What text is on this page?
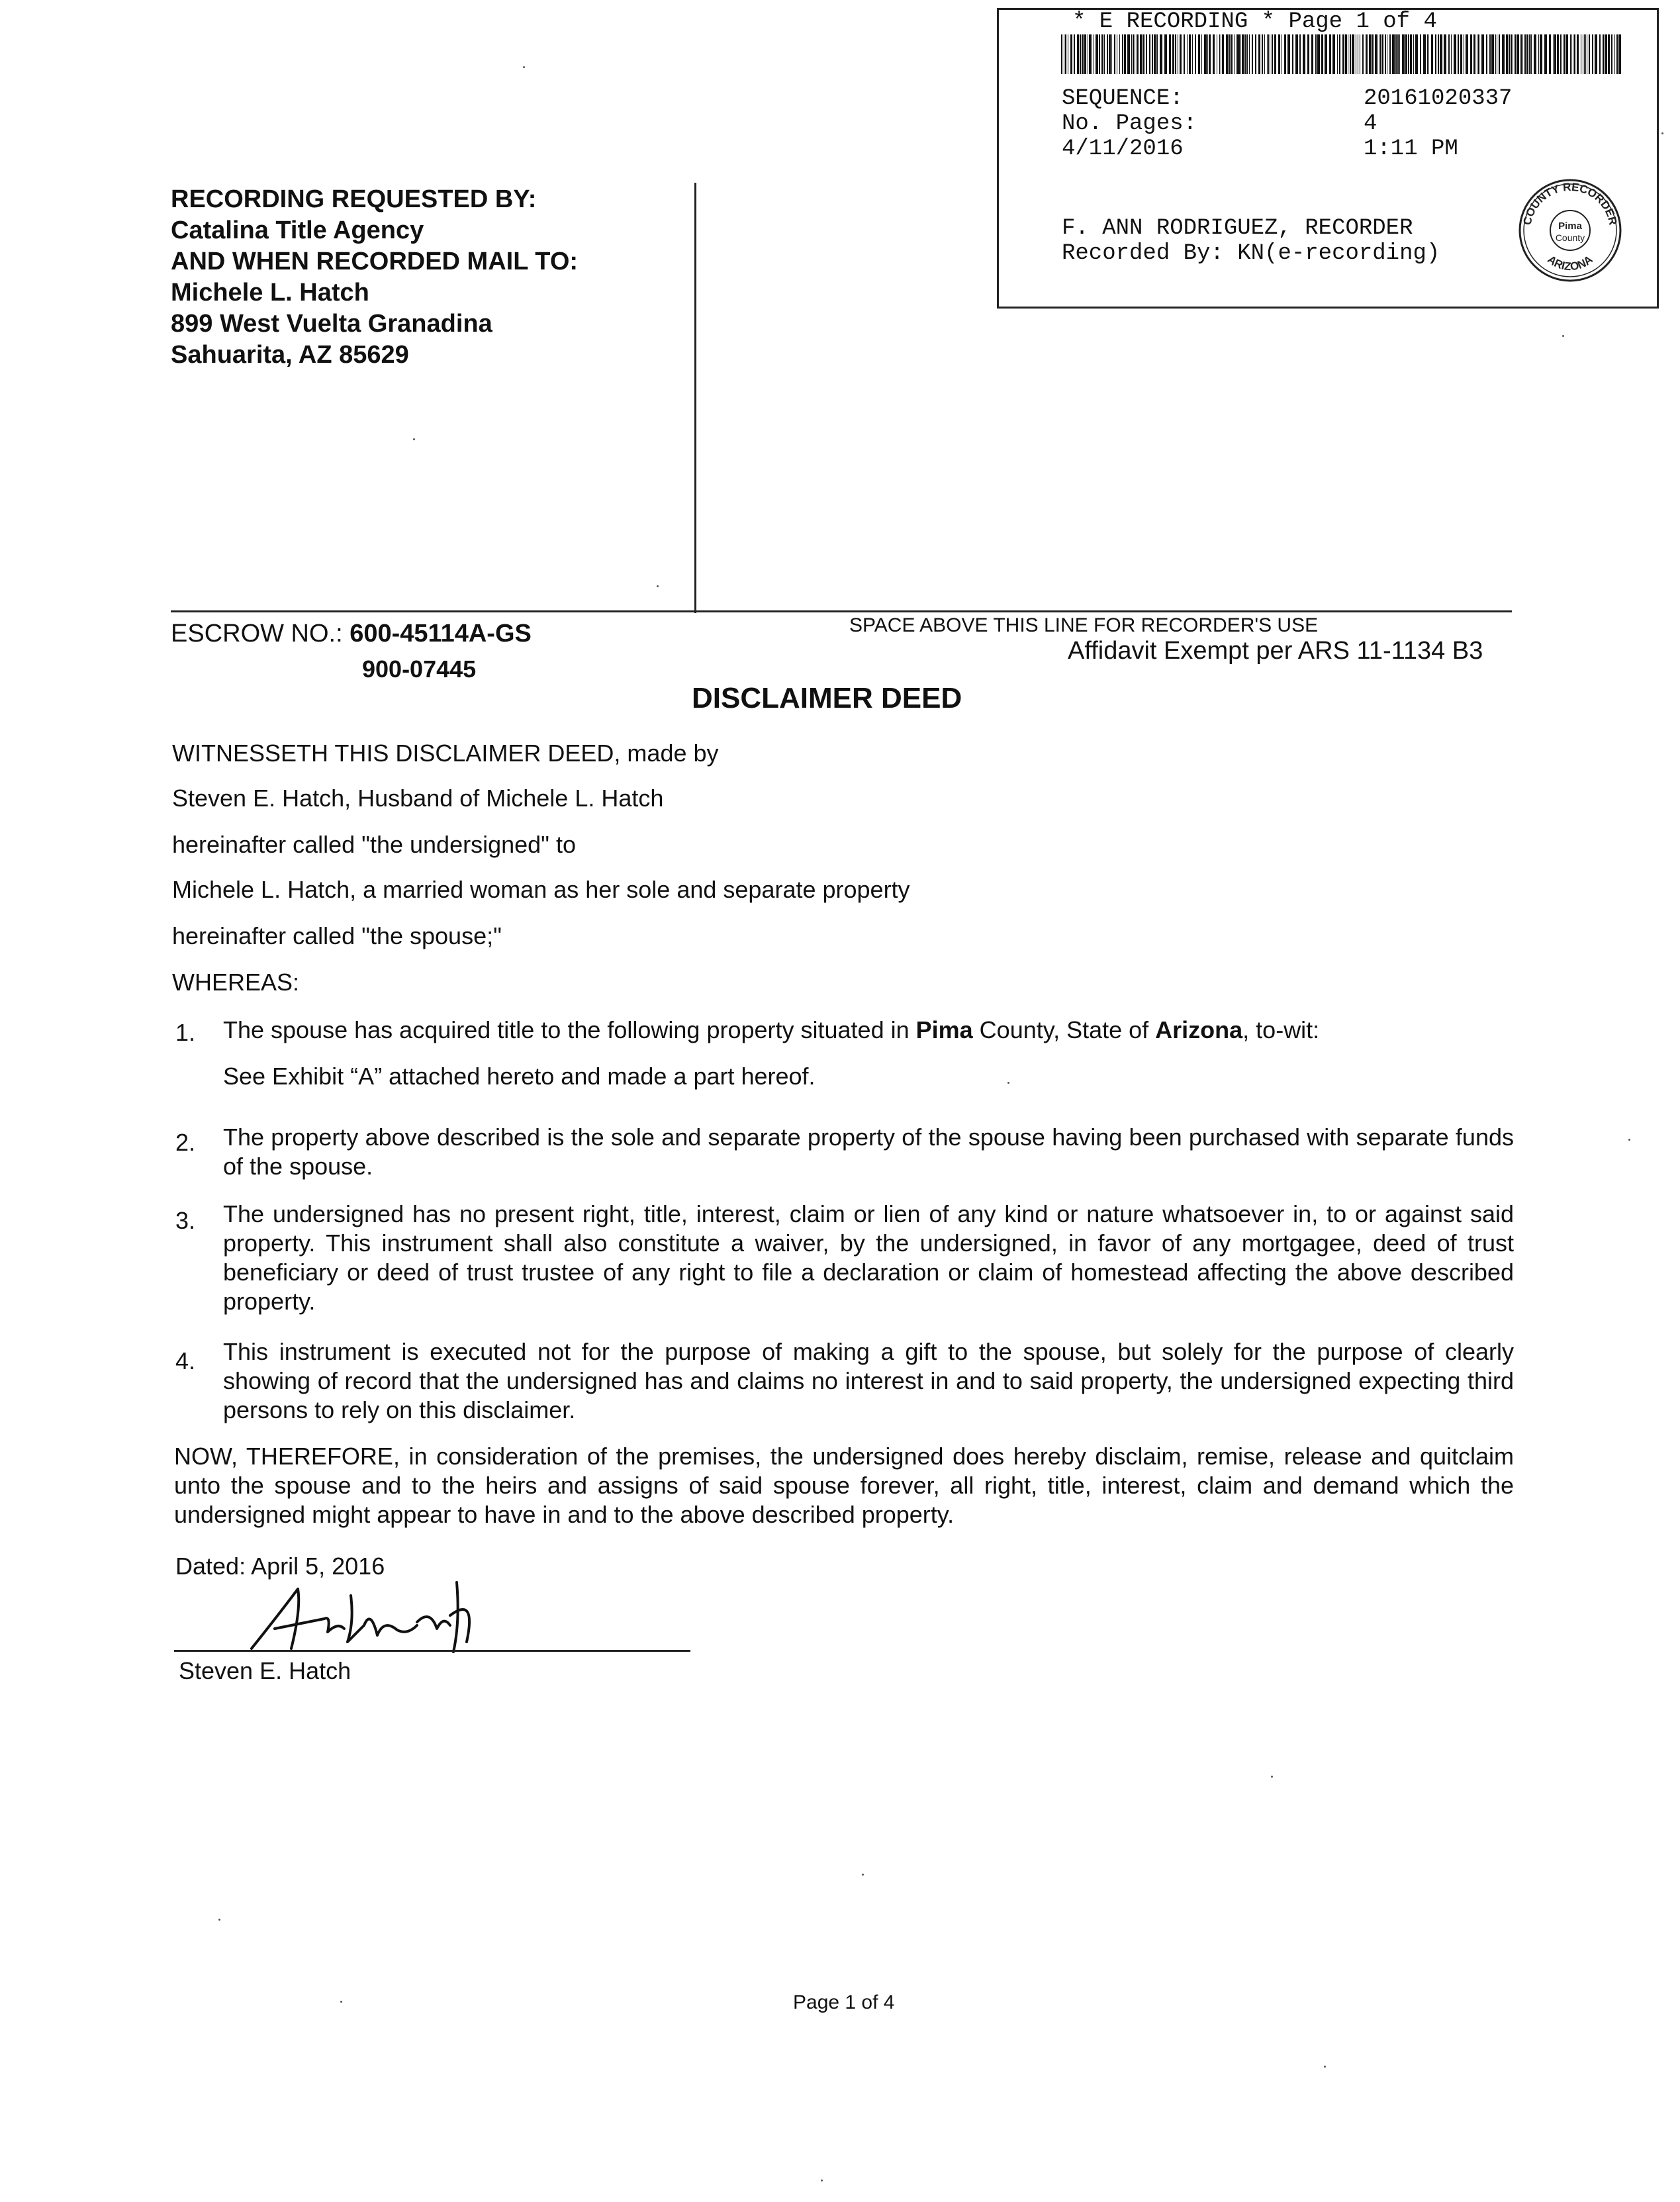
* E RECORDING * Page 1 of 4
SEQUENCE:	20161020337
No. Pages:	4
4/11/2016	1:11 PM
F. ANN RODRIGUEZ, RECORDER
Recorded By: KN(e-recording)
COUNTY RECORDER
ARIZONA
Pima
County
RECORDING REQUESTED BY:
Catalina Title Agency
AND WHEN RECORDED MAIL TO:
Michele L. Hatch
899 West Vuelta Granadina
Sahuarita, AZ 85629
SPACE ABOVE THIS LINE FOR RECORDER'S USE
Affidavit Exempt per ARS 11-1134 B3
ESCROW NO.: 600-45114A-GS
900-07445
DISCLAIMER DEED
WITNESSETH THIS DISCLAIMER DEED, made by
Steven E. Hatch, Husband of Michele L. Hatch
hereinafter called "the undersigned" to
Michele L. Hatch, a married woman as her sole and separate property
hereinafter called "the spouse;"
WHEREAS:
1. The spouse has acquired title to the following property situated in Pima County, State of Arizona, to-wit:
See Exhibit “A” attached hereto and made a part hereof.
2. The property above described is the sole and separate property of the spouse having been purchased with separate funds of the spouse.
3. The undersigned has no present right, title, interest, claim or lien of any kind or nature whatsoever in, to or against said property. This instrument shall also constitute a waiver, by the undersigned, in favor of any mortgagee, deed of trust beneficiary or deed of trust trustee of any right to file a declaration or claim of homestead affecting the above described property.
4. This instrument is executed not for the purpose of making a gift to the spouse, but solely for the purpose of clearly showing of record that the undersigned has and claims no interest in and to said property, the undersigned expecting third persons to rely on this disclaimer.
NOW, THEREFORE, in consideration of the premises, the undersigned does hereby disclaim, remise, release and quitclaim unto the spouse and to the heirs and assigns of said spouse forever, all right, title, interest, claim and demand which the undersigned might appear to have in and to the above described property.
Dated: April 5, 2016
Steven E. Hatch
Page 1 of 4
